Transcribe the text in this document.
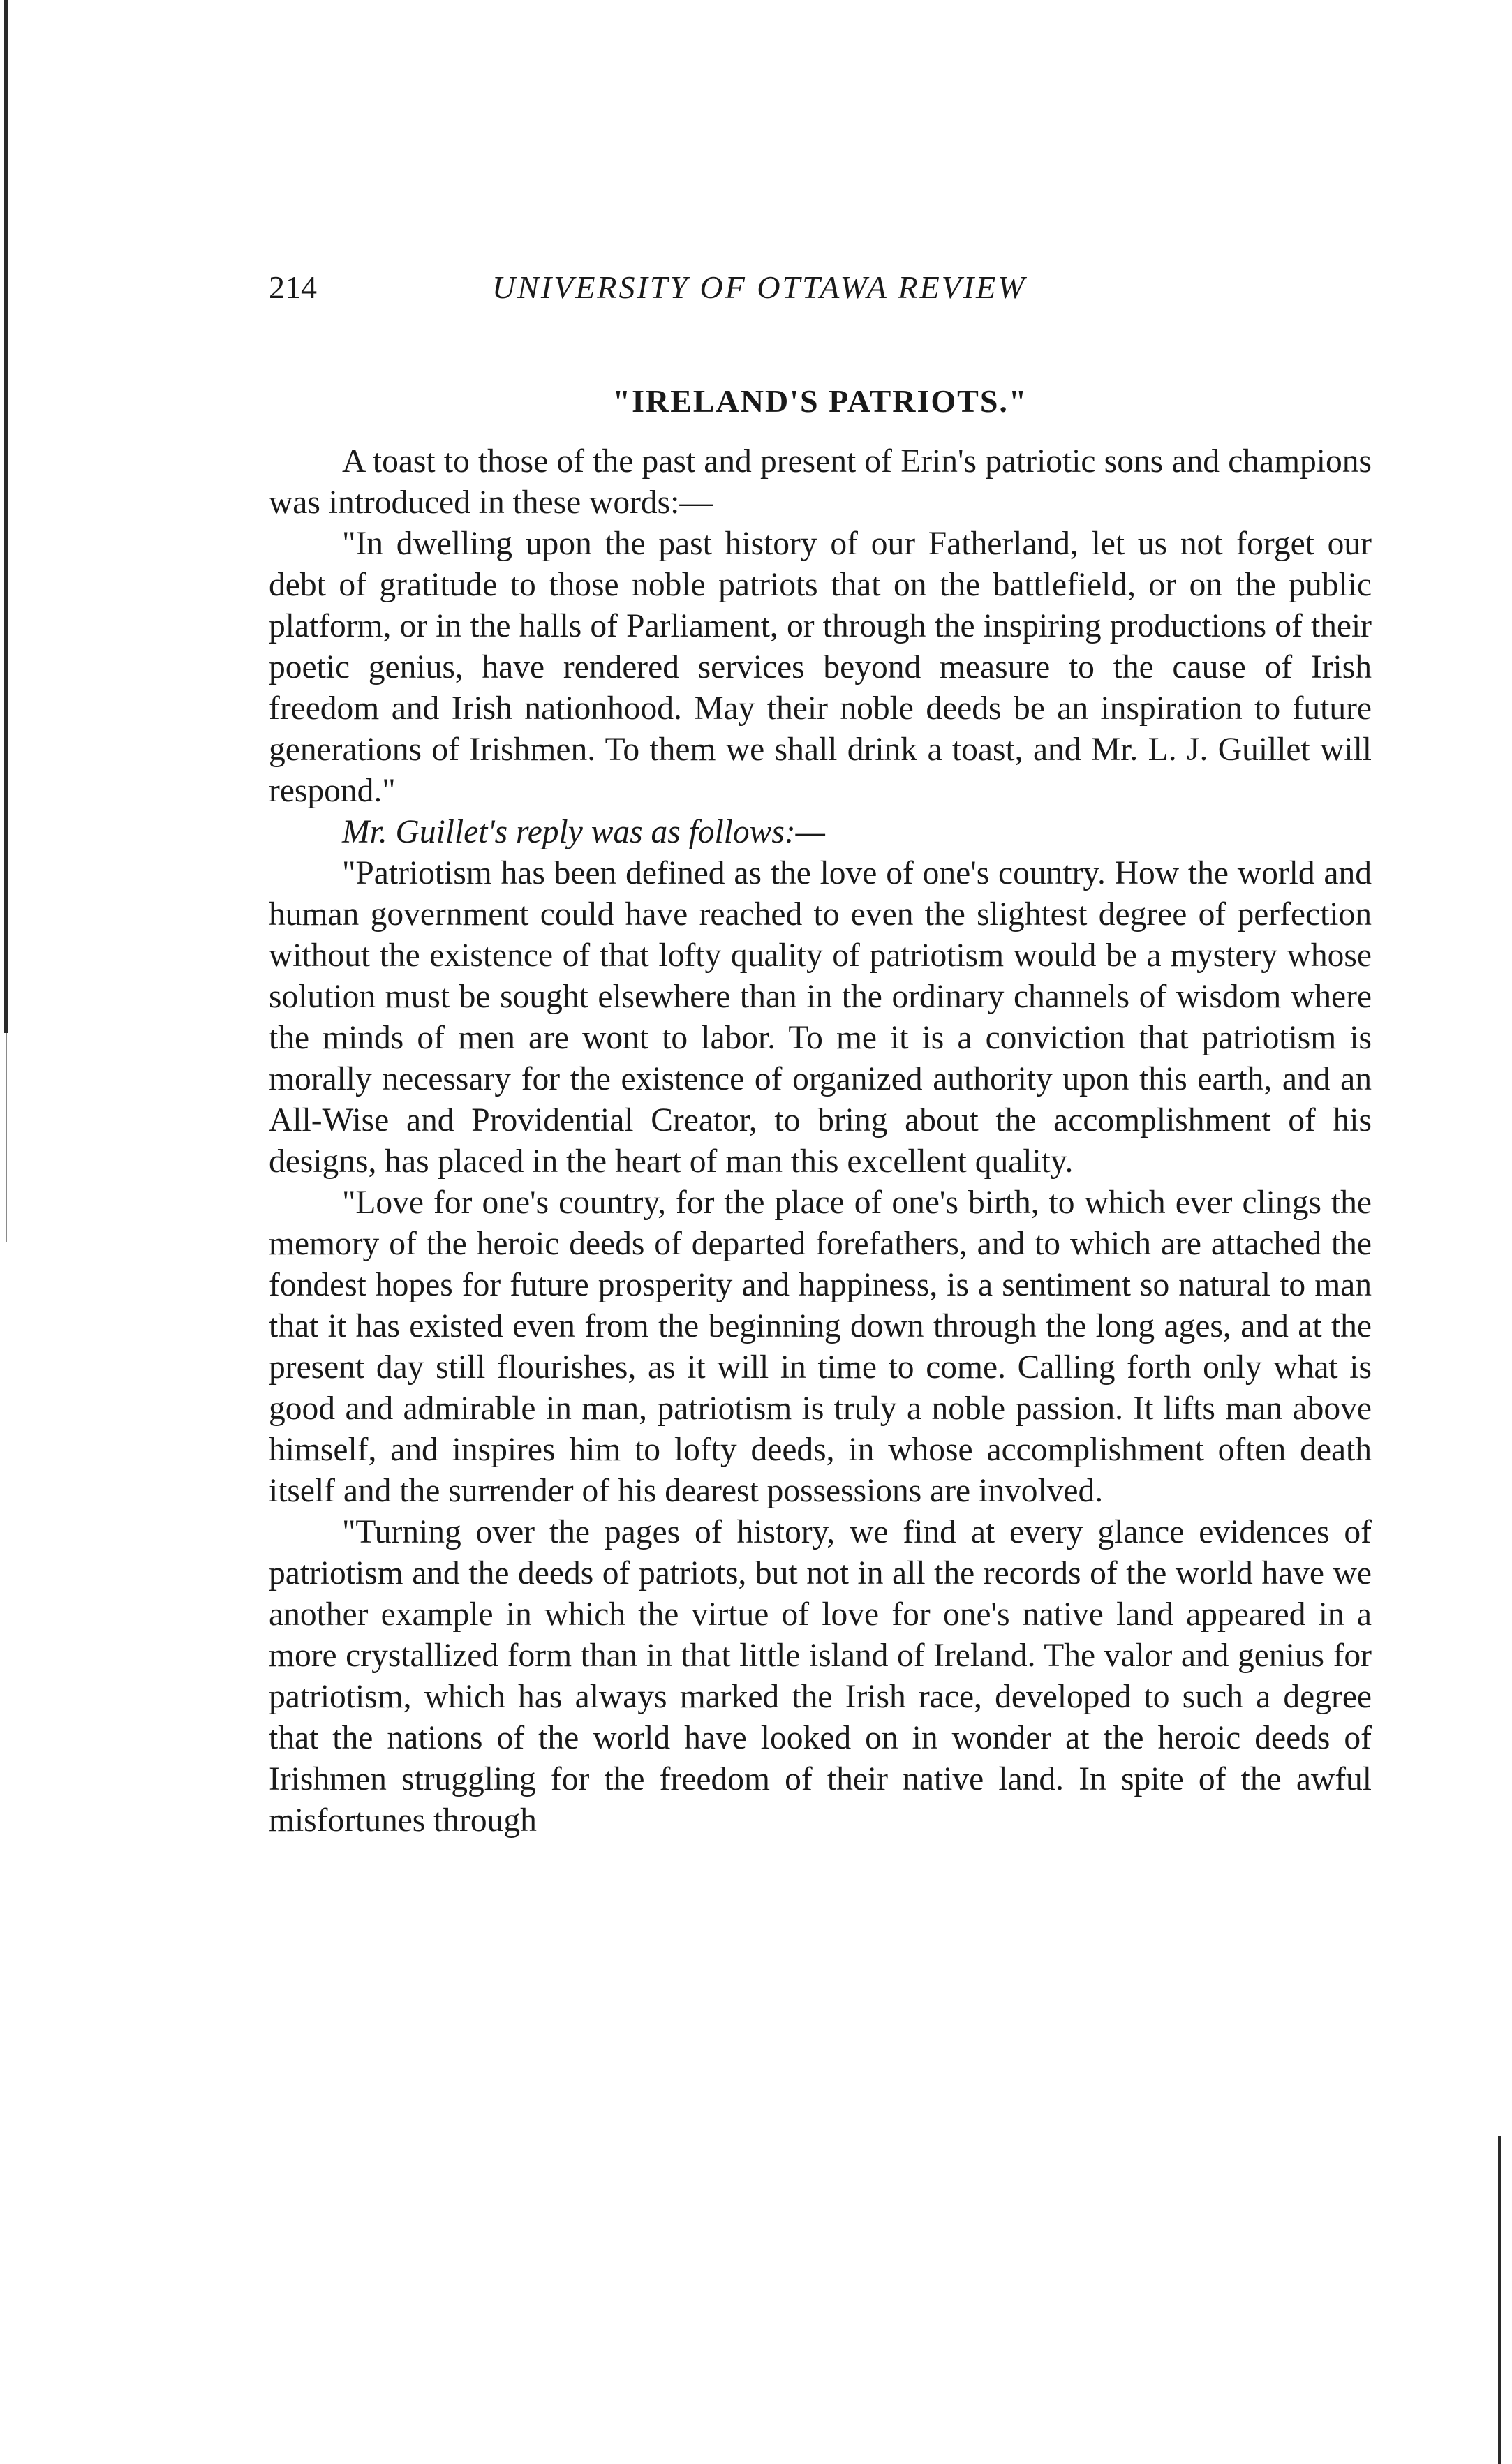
214	UNIVERSITY OF OTTAWA REVIEW
"IRELAND'S PATRIOTS."

A toast to those of the past and present of Erin's patriotic sons and champions was introduced in these words:—

"In dwelling upon the past history of our Fatherland, let us not forget our debt of gratitude to those noble patriots that on the battlefield, or on the public platform, or in the halls of Parliament, or through the inspiring productions of their poetic genius, have rendered services beyond measure to the cause of Irish freedom and Irish nationhood. May their noble deeds be an inspiration to future generations of Irishmen. To them we shall drink a toast, and Mr. L. J. Guillet will respond."

Mr. Guillet's reply was as follows:—

"Patriotism has been defined as the love of one's country. How the world and human government could have reached to even the slightest degree of perfection without the existence of that lofty quality of patriotism would be a mystery whose solution must be sought elsewhere than in the ordinary channels of wisdom where the minds of men are wont to labor. To me it is a conviction that patriotism is morally necessary for the existence of organized authority upon this earth, and an All-Wise and Providential Creator, to bring about the accomplishment of his designs, has placed in the heart of man this excellent quality.

"Love for one's country, for the place of one's birth, to which ever clings the memory of the heroic deeds of departed forefathers, and to which are attached the fondest hopes for future prosperity and happiness, is a sentiment so natural to man that it has existed even from the beginning down through the long ages, and at the present day still flourishes, as it will in time to come. Calling forth only what is good and admirable in man, patriotism is truly a noble passion. It lifts man above himself, and inspires him to lofty deeds, in whose accomplishment often death itself and the surrender of his dearest possessions are involved.

"Turning over the pages of history, we find at every glance evidences of patriotism and the deeds of patriots, but not in all the records of the world have we another example in which the virtue of love for one's native land appeared in a more crystallized form than in that little island of Ireland. The valor and genius for patriotism, which has always marked the Irish race, developed to such a degree that the nations of the world have looked on in wonder at the heroic deeds of Irishmen struggling for the freedom of their native land. In spite of the awful misfortunes through
